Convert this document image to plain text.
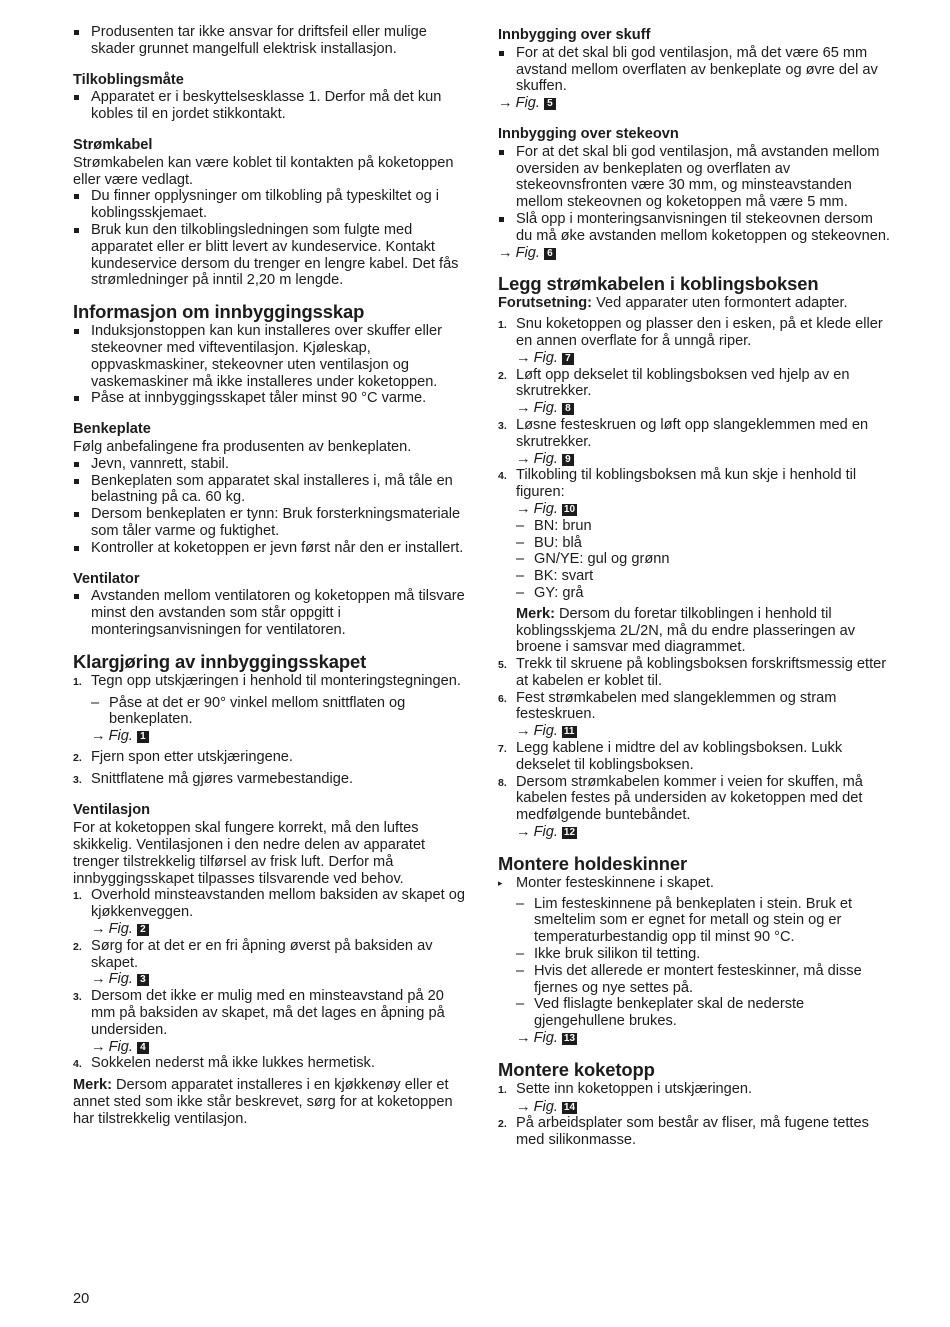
Produsenten tar ikke ansvar for driftsfeil eller mulige skader grunnet mangelfull elektrisk installasjon.
Tilkoblingsmåte
Apparatet er i beskyttelsesklasse 1. Derfor må det kun kobles til en jordet stikkontakt.
Strømkabel

Strømkabelen kan være koblet til kontakten på koketoppen eller være vedlagt.

Du finner opplysninger om tilkobling på typeskiltet og i koblingsskjemaet.
Bruk kun den tilkoblingsledningen som fulgte med apparatet eller er blitt levert av kundeservice. Kontakt kundeservice dersom du trenger en lengre kabel. Det fås strømledninger på inntil 2,20 m lengde.
Informasjon om innbyggingsskap
Induksjonstoppen kan kun installeres over skuffer eller stekeovner med vifteventilasjon. Kjøleskap, oppvaskmaskiner, stekeovner uten ventilasjon og vaskemaskiner må ikke installeres under koketoppen.
Påse at innbyggingsskapet tåler minst 90 °C varme.
Benkeplate

Følg anbefalingene fra produsenten av benkeplaten.

Jevn, vannrett, stabil.
Benkeplaten som apparatet skal installeres i, må tåle en belastning på ca. 60 kg.
Dersom benkeplaten er tynn: Bruk forsterkningsmateriale som tåler varme og fuktighet.
Kontroller at koketoppen er jevn først når den er installert.
Ventilator
Avstanden mellom ventilatoren og koketoppen må tilsvare minst den avstanden som står oppgitt i monteringsanvisningen for ventilatoren.
Klargjøring av innbyggingsskapet
1. Tegn opp utskjæringen i henhold til monteringstegningen.
– Påse at det er 90° vinkel mellom snittflaten og benkeplaten.
→ Fig. 1
2. Fjern spon etter utskjæringene.
3. Snittflatene må gjøres varmebestandige.
Ventilasjon

For at koketoppen skal fungere korrekt, må den luftes skikkelig. Ventilasjonen i den nedre delen av apparatet trenger tilstrekkelig tilførsel av frisk luft. Derfor må innbyggingsskapet tilpasses tilsvarende ved behov.

1. Overhold minsteavstanden mellom baksiden av skapet og kjøkkenveggen.
→ Fig. 2
2. Sørg for at det er en fri åpning øverst på baksiden av skapet.
→ Fig. 3
3. Dersom det ikke er mulig med en minsteavstand på 20 mm på baksiden av skapet, må det lages en åpning på undersiden.
→ Fig. 4
4. Sokkelen nederst må ikke lukkes hermetisk.

Merk: Dersom apparatet installeres i en kjøkkenøy eller et annet sted som ikke står beskrevet, sørg for at koketoppen har tilstrekkelig ventilasjon.

Innbygging over skuff
For at det skal bli god ventilasjon, må det være 65 mm avstand mellom overflaten av benkeplate og øvre del av skuffen.
→ Fig. 5
Innbygging over stekeovn
For at det skal bli god ventilasjon, må avstanden mellom oversiden av benkeplaten og overflaten av stekeovnsfronten være 30 mm, og minsteavstanden mellom stekeovnen og koketoppen må være 5 mm.
Slå opp i monteringsanvisningen til stekeovnen dersom du må øke avstanden mellom koketoppen og stekeovnen.
→ Fig. 6
Legg strømkabelen i koblingsboksen

Forutsetning: Ved apparater uten formontert adapter.

1. Snu koketoppen og plasser den i esken, på et klede eller en annen overflate for å unngå riper.
→ Fig. 7
2. Løft opp dekselet til koblingsboksen ved hjelp av en skrutrekker.
→ Fig. 8
3. Løsne festeskruen og løft opp slangeklemmen med en skrutrekker.
→ Fig. 9
4. Tilkobling til koblingsboksen må kun skje i henhold til figuren:
→ Fig. 10
– BN: brun
– BU: blå
– GN/YE: gul og grønn
– BK: svart
– GY: grå

Merk: Dersom du foretar tilkoblingen i henhold til koblingsskjema 2L/2N, må du endre plasseringen av broene i samsvar med diagrammet.

5. Trekk til skruene på koblingsboksen forskriftsmessig etter at kabelen er koblet til.
6. Fest strømkabelen med slangeklemmen og stram festeskruen.
→ Fig. 11
7. Legg kablene i midtre del av koblingsboksen. Lukk dekselet til koblingsboksen.
8. Dersom strømkabelen kommer i veien for skuffen, må kabelen festes på undersiden av koketoppen med det medfølgende buntebåndet.
→ Fig. 12
Montere holdeskinner
▸ Monter festeskinnene i skapet.
– Lim festeskinnene på benkeplaten i stein. Bruk et smeltelim som er egnet for metall og stein og er temperaturbestandig opp til minst 90 °C.
– Ikke bruk silikon til tetting.
– Hvis det allerede er montert festeskinner, må disse fjernes og nye settes på.
– Ved flislagte benkeplater skal de nederste gjengehullene brukes.
→ Fig. 13
Montere koketopp
1. Sette inn koketoppen i utskjæringen.
→ Fig. 14
2. På arbeidsplater som består av fliser, må fugene tettes med silikonmasse.
20
